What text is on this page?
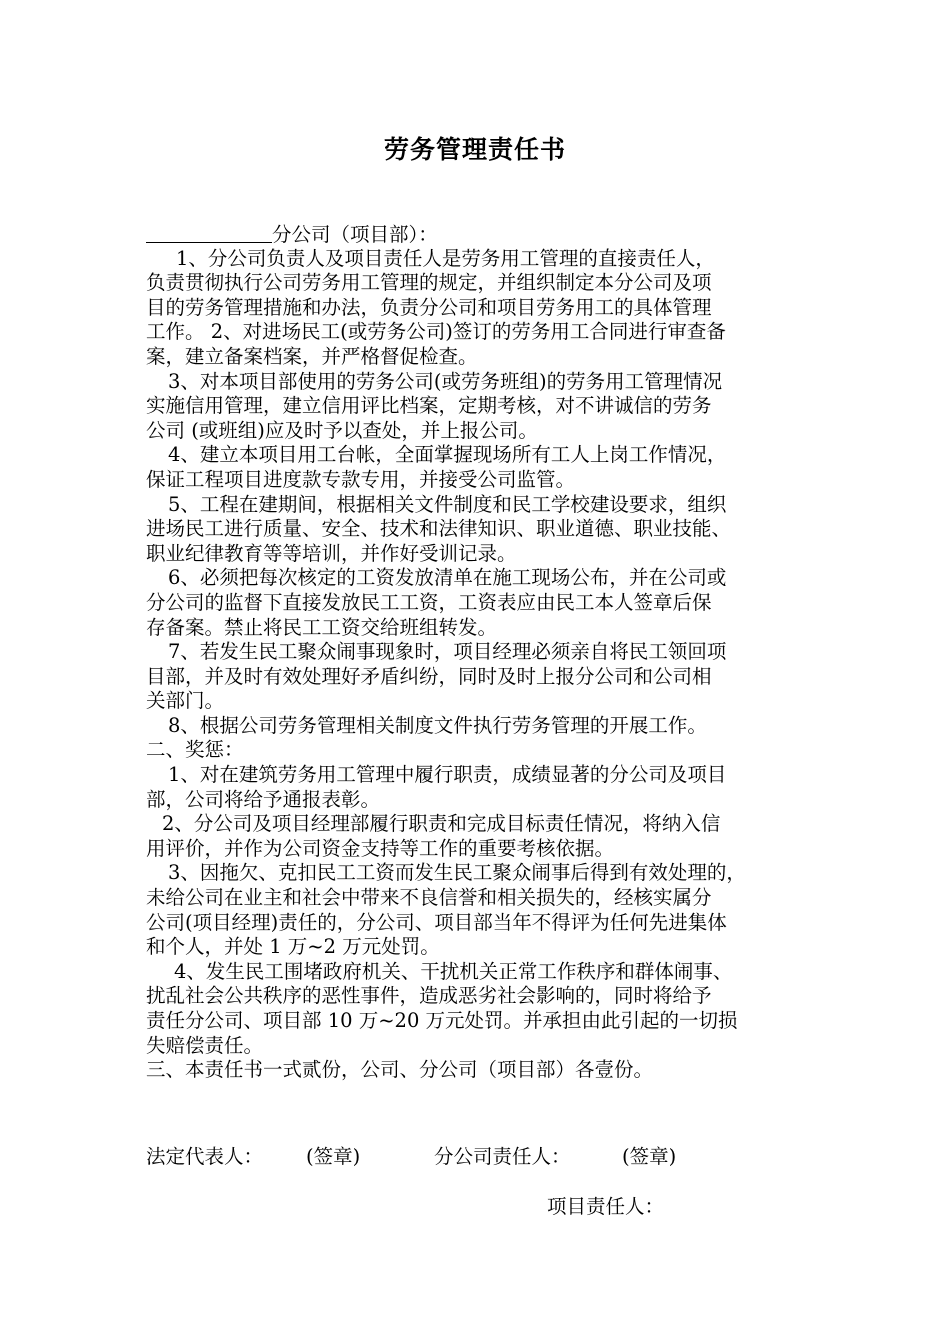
劳务管理责任书
分公司（项目部）：
1、分公司负责人及项目责任人是劳务用工管理的直接责任人，
负责贯彻执行公司劳务用工管理的规定，并组织制定本分公司及项
目的劳务管理措施和办法，负责分公司和项目劳务用工的具体管理
工作。 2、对进场民工(或劳务公司)签订的劳务用工合同进行审查备
案，建立备案档案，并严格督促检查。
3、对本项目部使用的劳务公司(或劳务班组)的劳务用工管理情况
实施信用管理，建立信用评比档案，定期考核，对不讲诚信的劳务
公司 (或班组)应及时予以查处，并上报公司。
4、建立本项目用工台帐，全面掌握现场所有工人上岗工作情况，
保证工程项目进度款专款专用，并接受公司监管。
5、工程在建期间，根据相关文件制度和民工学校建设要求，组织
进场民工进行质量、安全、技术和法律知识、职业道德、职业技能、
职业纪律教育等等培训，并作好受训记录。
6、必须把每次核定的工资发放清单在施工现场公布，并在公司或
分公司的监督下直接发放民工工资，工资表应由民工本人签章后保
存备案。禁止将民工工资交给班组转发。
7、若发生民工聚众闹事现象时，项目经理必须亲自将民工领回项
目部，并及时有效处理好矛盾纠纷，同时及时上报分公司和公司相
关部门。
8、根据公司劳务管理相关制度文件执行劳务管理的开展工作。
二、奖惩：
1、对在建筑劳务用工管理中履行职责，成绩显著的分公司及项目
部，公司将给予通报表彰。
2、分公司及项目经理部履行职责和完成目标责任情况，将纳入信
用评价，并作为公司资金支持等工作的重要考核依据。
3、因拖欠、克扣民工工资而发生民工聚众闹事后得到有效处理的，
未给公司在业主和社会中带来不良信誉和相关损失的，经核实属分
公司(项目经理)责任的，分公司、项目部当年不得评为任何先进集体
和个人，并处 1 万~2 万元处罚。
4、发生民工围堵政府机关、干扰机关正常工作秩序和群体闹事、
扰乱社会公共秩序的恶性事件，造成恶劣社会影响的，同时将给予
责任分公司、项目部 10 万~20 万元处罚。并承担由此引起的一切损
失赔偿责任。
三、本责任书一式贰份，公司、分公司（项目部）各壹份。
法定代表人： (签章)	分公司责任人：	(签章)
项目责任人：
